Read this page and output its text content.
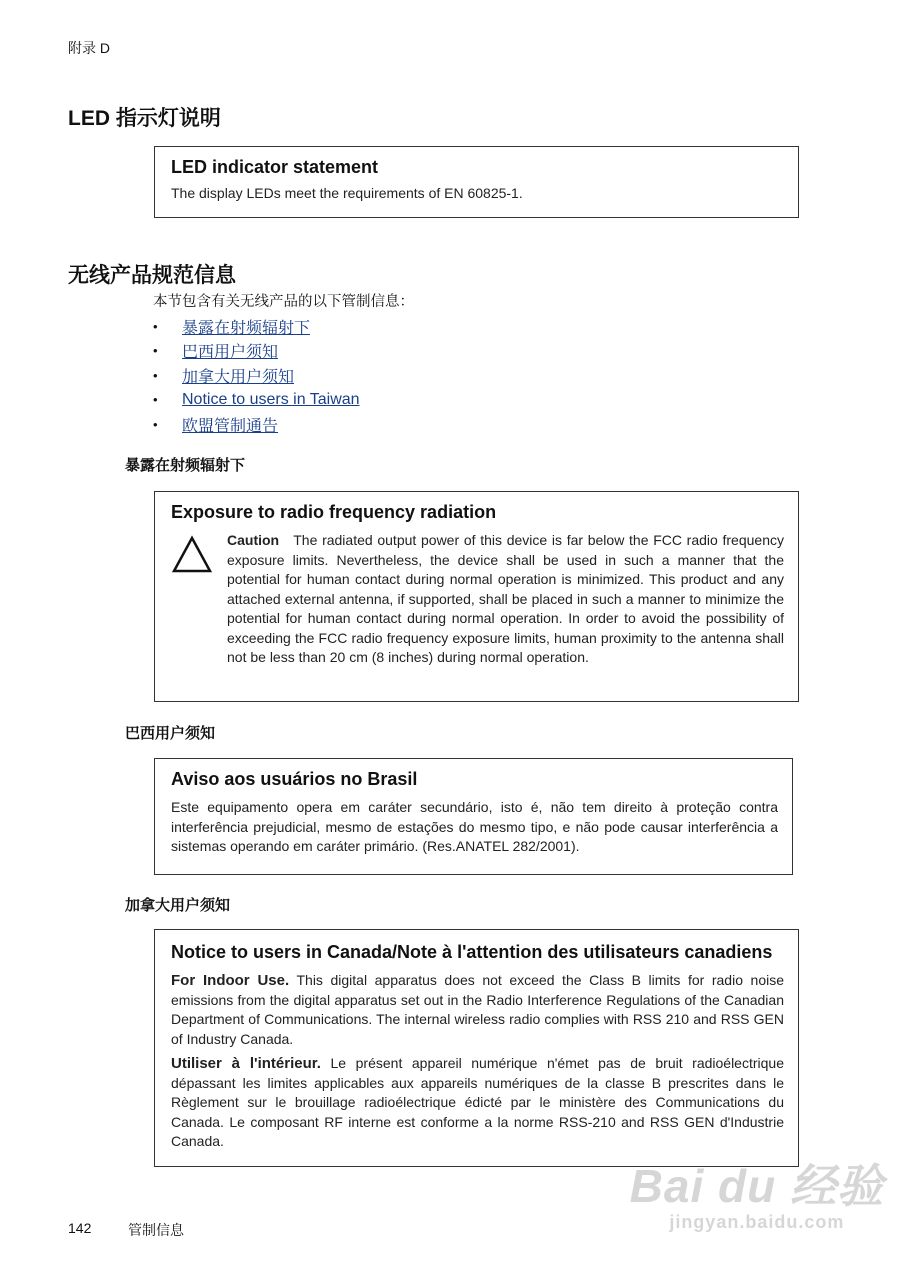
附录 D
LED 指示灯说明
LED indicator statement
The display LEDs meet the requirements of EN 60825-1.
无线产品规范信息
本节包含有关无线产品的以下管制信息：
•	暴露在射频辐射下
•	巴西用户须知
•	加拿大用户须知
•	Notice to users in Taiwan
•	欧盟管制通告
暴露在射频辐射下
Exposure to radio frequency radiation
Caution The radiated output power of this device is far below the FCC radio frequency exposure limits. Nevertheless, the device shall be used in such a manner that the potential for human contact during normal operation is minimized. This product and any attached external antenna, if supported, shall be placed in such a manner to minimize the potential for human contact during normal operation. In order to avoid the possibility of exceeding the FCC radio frequency exposure limits, human proximity to the antenna shall not be less than 20 cm (8 inches) during normal operation.
巴西用户须知
Aviso aos usuários no Brasil
Este equipamento opera em caráter secundário, isto é, não tem direito à proteção contra interferência prejudicial, mesmo de estações do mesmo tipo, e não pode causar interferência a sistemas operando em caráter primário. (Res.ANATEL 282/2001).
加拿大用户须知
Notice to users in Canada/Note à l'attention des utilisateurs canadiens
For Indoor Use. This digital apparatus does not exceed the Class B limits for radio noise emissions from the digital apparatus set out in the Radio Interference Regulations of the Canadian Department of Communications. The internal wireless radio complies with RSS 210 and RSS GEN of Industry Canada.
Utiliser à l'intérieur. Le présent appareil numérique n'émet pas de bruit radioélectrique dépassant les limites applicables aux appareils numériques de la classe B prescrites dans le Règlement sur le brouillage radioélectrique édicté par le ministère des Communications du Canada. Le composant RF interne est conforme a la norme RSS-210 and RSS GEN d'Industrie Canada.
142	管制信息
Bai du 经验
jingyan.baidu.com
